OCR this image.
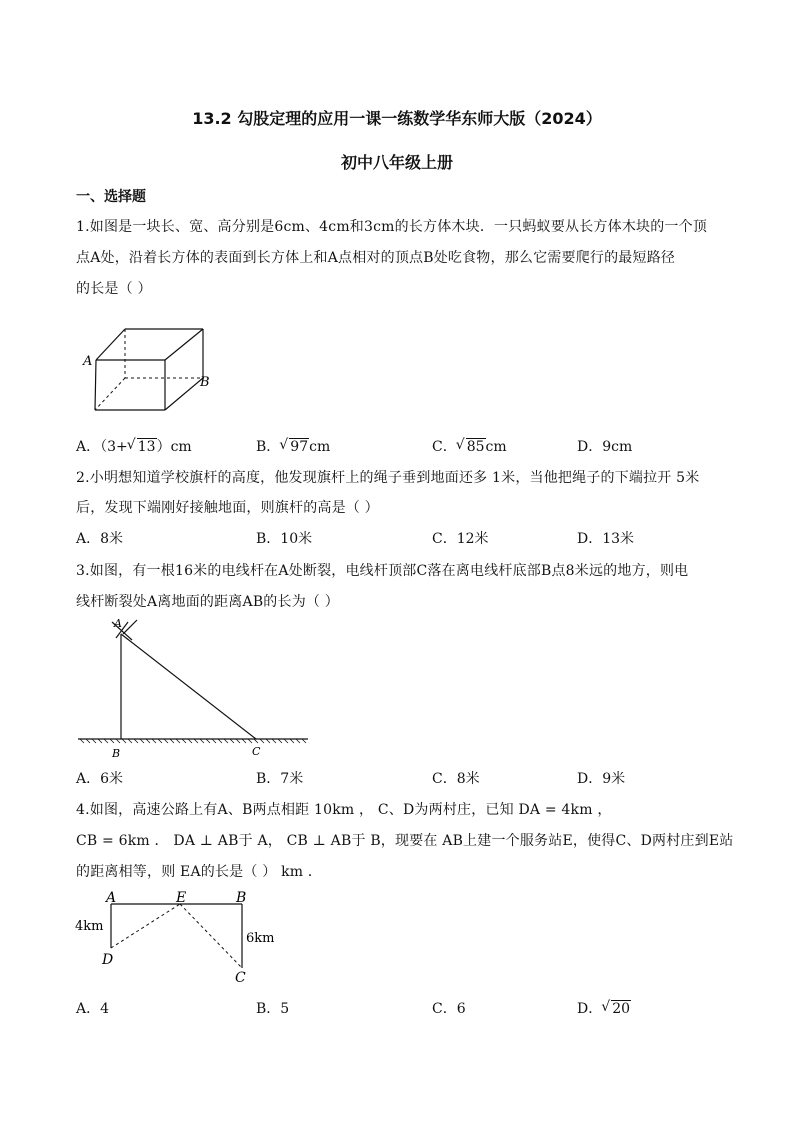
13.2 勾股定理的应用一课一练数学华东师大版（2024）
初中八年级上册
一、选择题
1.如图是一块长、宽、高分别是6cm、4cm和3cm的长方体木块．一只蚂蚁要从长方体木块的一个顶
点A处，沿着长方体的表面到长方体上和A点相对的顶点B处吃食物，那么它需要爬行的最短路径
的长是（ ）
A
B
A．（3+ √ 13）cm	B． √ 97cm	C． √ 85cm	D．9cm
2.小明想知道学校旗杆的高度，他发现旗杆上的绳子垂到地面还多 1米，当他把绳子的下端拉开 5米
后，发现下端刚好接触地面，则旗杆的高是（ ）
A．8米	B．10米	C．12米	D．13米
3.如图，有一根16米的电线杆在A处断裂，电线杆顶部C落在离电线杆底部B点8米远的地方，则电
线杆断裂处A离地面的距离AB的长为（ ）
A
B	C
A．6米	B．7米	C．8米	D．9米
4.如图，高速公路上有A、B两点相距 10km ， C、D为两村庄，已知 DA = 4km ，
CB = 6km ． DA ⊥ AB于 A， CB ⊥ AB于 B，现要在 AB上建一个服务站E，使得C、D两村庄到E站
的距离相等，则 EA的长是（ ） km ．
A	E	B
D
C
4km
6km
A．4	B．5	C．6	D． √ 20
